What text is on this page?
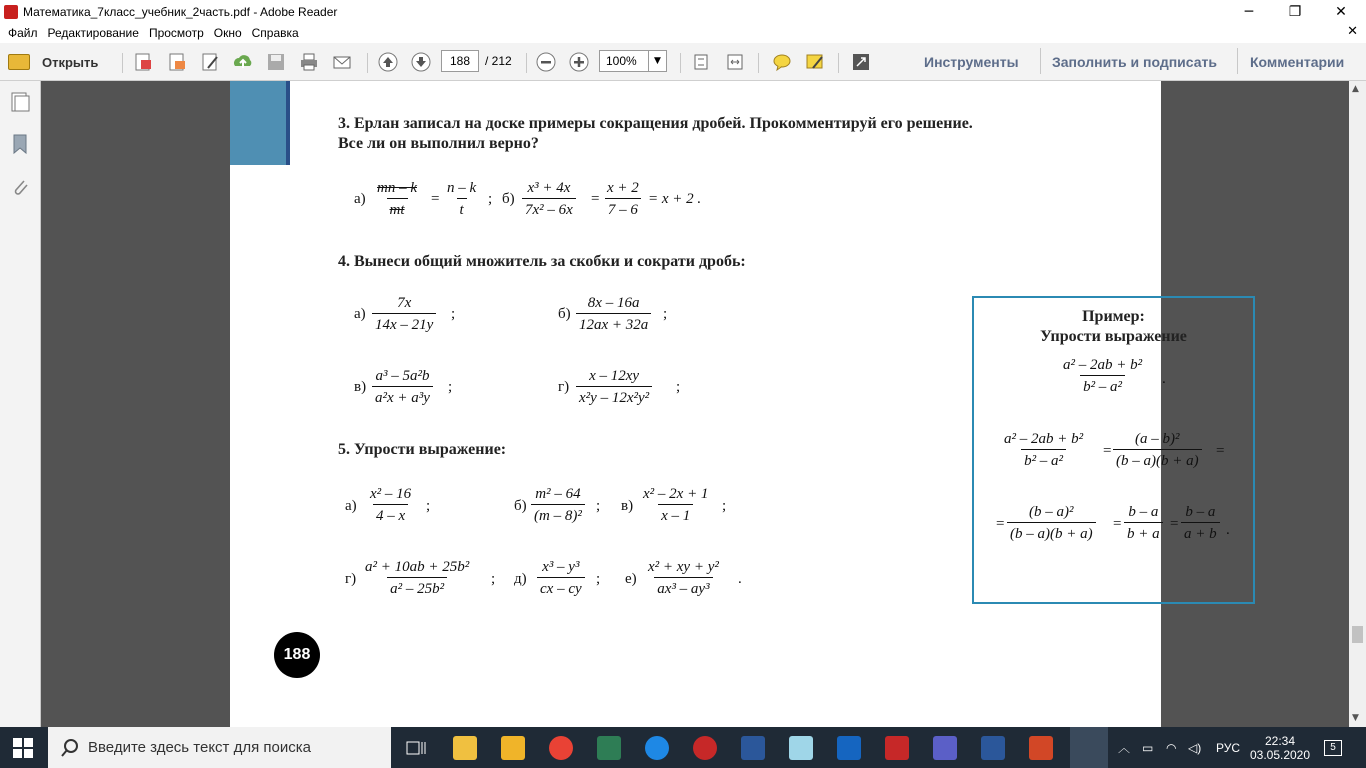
Математика_7класс_учебник_2часть.pdf - Adobe Reader	─	❐	✕
Файл Редактирование Просмотр Окно Справка	✕
Открыть	188	/ 212	100%	▼	Инструменты Заполнить и подписать Комментарии
3. Ерлан записал на доске примеры сокращения дробей. Прокомментируй его решение.
Все ли он выполнил верно?
$а) \frac{mn - k}{mt} = \frac{n - k}{t}$ ; $б) \frac{\text{x³ + 4x}}{\text{7x² – 6x}} = \frac{x + 2}{7 - 6} = x + 2$ .
4. Вынеси общий множитель за скобки и сократи дробь:
$а) \frac{7x}{14x - 21y}$ ;	$б) \frac{8x - 16a}{12ax + 32a}$ ;
$в) \frac{\text{a³ – 5a²b}}{\text{a²x + a³y}}$ ;	$г) \frac{x - 12xy}{\text{x²y – 12x²y²}}$ ;
5. Упрости выражение:
$а) \frac{\text{x² – 16}}{4 - x}$ ;	$б) \frac{\text{m² – 64}}{\text{(m – 8)²}}$ ; $в) \frac{\text{x² – 2x + 1}}{x - 1}$ ;
$г) \frac{\text{a² + 10ab + 25b²}}{\text{a² – 25b²}}$ ; $д) \frac{\text{x³ – y³}}{cx - cy}$ ; $е) \frac{\text{x² + xy + y²}}{\text{ax³ – ay³}}$ .
Пример:
Упрости выражение
$\frac{\text{a² – 2ab + b²}}{\text{b² – a²}}$ .
$\frac{\text{a² – 2ab + b²}}{\text{b² – a²}} = \frac{\text{(a – b)²}}{(b - a)(b + a)}$ =
= $\frac{\text{(b – a)²}}{(b - a)(b + a)} = \frac{b - a}{b + a} = \frac{b - a}{a + b}$ .
188
▲
▼
Введите здесь текст для поиска	︿ ▭ ◠ ◁) РУС 22:34
03.05.2020
5
